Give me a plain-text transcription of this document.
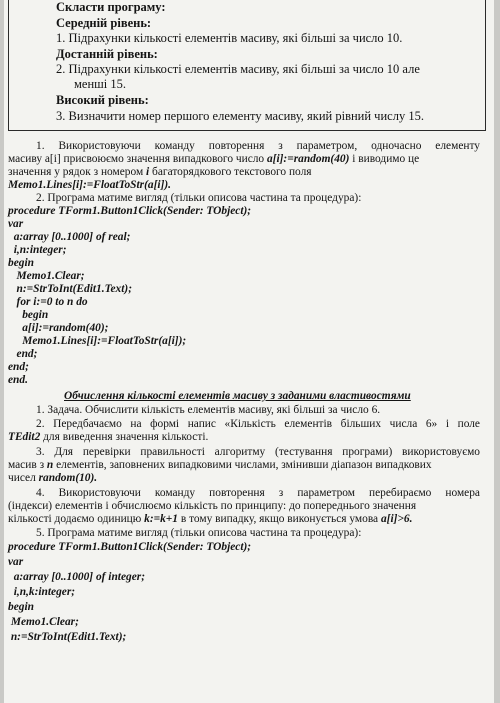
Скласти програму:
Середній рівень:
1. Підрахунки кількості елементів масиву, які більші за число 10.
Достанній рівень:
2. Підрахунки кількості елементів масиву, які більші за число 10 але
менші 15.
Високий рівень:
3. Визначити номер першого елементу масиву, який рівний числу 15.
1. Використовуючи команду повторення з параметром, одночасно елементу
масиву а[і] присвоюємо значення випадкового число a[i]:=random(40) і виводимо це
значення у рядок з номером і багаторядкового текстового поля
Memo1.Lines[i]:=FloatToStr(a[i]).
2. Програма матиме вигляд (тільки описова частина та процедура):
procedure TForm1.Button1Click(Sender: TObject);
var
a:array [0..1000] of real;
i,n:integer;
begin
Memo1.Clear;
n:=StrToInt(Edit1.Text);
for i:=0 to n do
begin
a[i]:=random(40);
Memo1.Lines[i]:=FloatToStr(a[i]);
end;
end;
end.
Обчислення кількості елементів масиву з заданими властивостями
1. Задача. Обчислити кількість елементів масиву, які більші за число 6.
2. Передбачаємо на формі напис «Кількість елементів більших числа 6» і поле
TEdit2 для виведення значення кількості.
3. Для перевірки правильності алгоритму (тестування програми) використовуємо
масив з n елементів, заповнених випадковими числами, змінивши діапазон випадкових
чисел random(10).
4. Використовуючи команду повторення з параметром перебираємо номера
(індекси) елементів і обчислюємо кількість по принципу: до попереднього значення
кількості додаємо одиницю k:=k+1 в тому випадку, якщо виконується умова a[i]>6.
5. Програма матиме вигляд (тільки описова частина та процедура):
procedure TForm1.Button1Click(Sender: TObject);
var
a:array [0..1000] of integer;
i,n,k:integer;
begin
Memo1.Clear;
n:=StrToInt(Edit1.Text);
